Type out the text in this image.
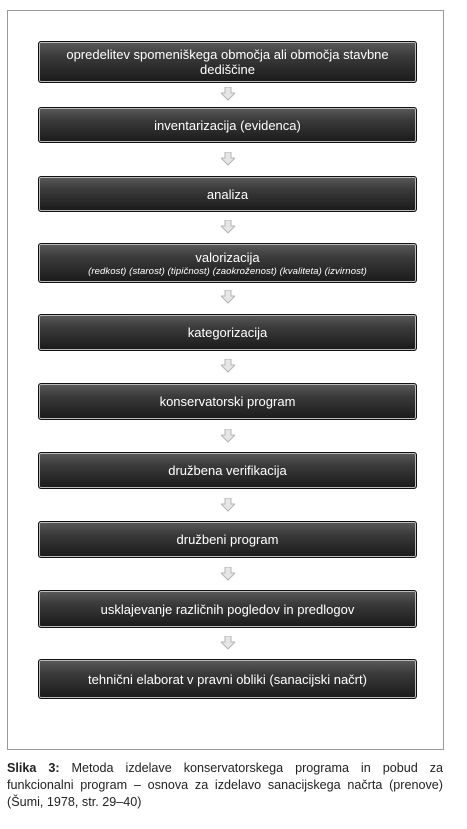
opredelitev spomeniškega območja ali območja stavbne dediščine
inventarizacija (evidenca)
analiza
valorizacija
(redkost) (starost) (tipičnost) (zaokroženost) (kvaliteta) (izvirnost)
kategorizacija
konservatorski program
družbena verifikacija
družbeni program
usklajevanje različnih pogledov in predlogov
tehnični elaborat v pravni obliki (sanacijski načrt)
Slika 3: Metoda izdelave konservatorskega programa in pobud za funkcionalni program – osnova za izdelavo sanacijskega načrta (prenove) (Šumi, 1978, str. 29–40)
